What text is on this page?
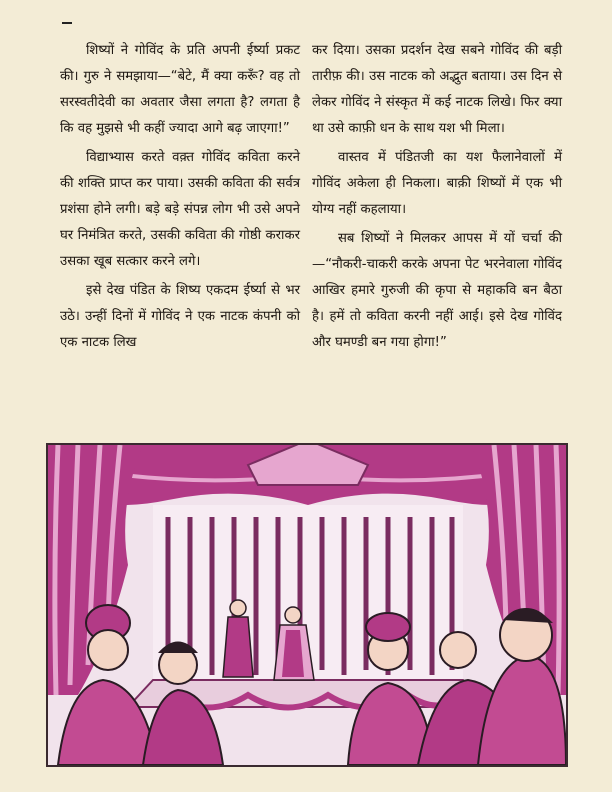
शिष्यों ने गोविंद के प्रति अपनी ईर्ष्या प्रकट की। गुरु ने समझाया—“बेटे, मैं क्या करूँ? वह तो सरस्वतीदेवी का अवतार जैसा लगता है? लगता है कि वह मुझसे भी कहीं ज्यादा आगे बढ़ जाएगा!”

विद्याभ्यास करते वक़्त गोविंद कविता करने की शक्ति प्राप्त कर पाया। उसकी कविता की सर्वत्र प्रशंसा होने लगी। बड़े बड़े संपन्न लोग भी उसे अपने घर निमंत्रित करते, उसकी कविता की गोष्ठी कराकर उसका खूब सत्कार करने लगे।

इसे देख पंडित के शिष्य एकदम ईर्ष्या से भर उठे। उन्हीं दिनों में गोविंद ने एक नाटक कंपनी को एक नाटक लिख

कर दिया। उसका प्रदर्शन देख सबने गोविंद की बड़ी तारीफ़ की। उस नाटक को अद्भुत बताया। उस दिन से लेकर गोविंद ने संस्कृत में कई नाटक लिखे। फिर क्या था उसे काफ़ी धन के साथ यश भी मिला।

वास्तव में पंडितजी का यश फैलानेवालों में गोविंद अकेला ही निकला। बाक़ी शिष्यों में एक भी योग्य नहीं कहलाया।

सब शिष्यों ने मिलकर आपस में यों चर्चा की—“नौकरी-चाकरी करके अपना पेट भरनेवाला गोविंद आखिर हमारे गुरुजी की कृपा से महाकवि बन बैठा है। हमें तो कविता करनी नहीं आई। इसे देख गोविंद और घमण्डी बन गया होगा!”
